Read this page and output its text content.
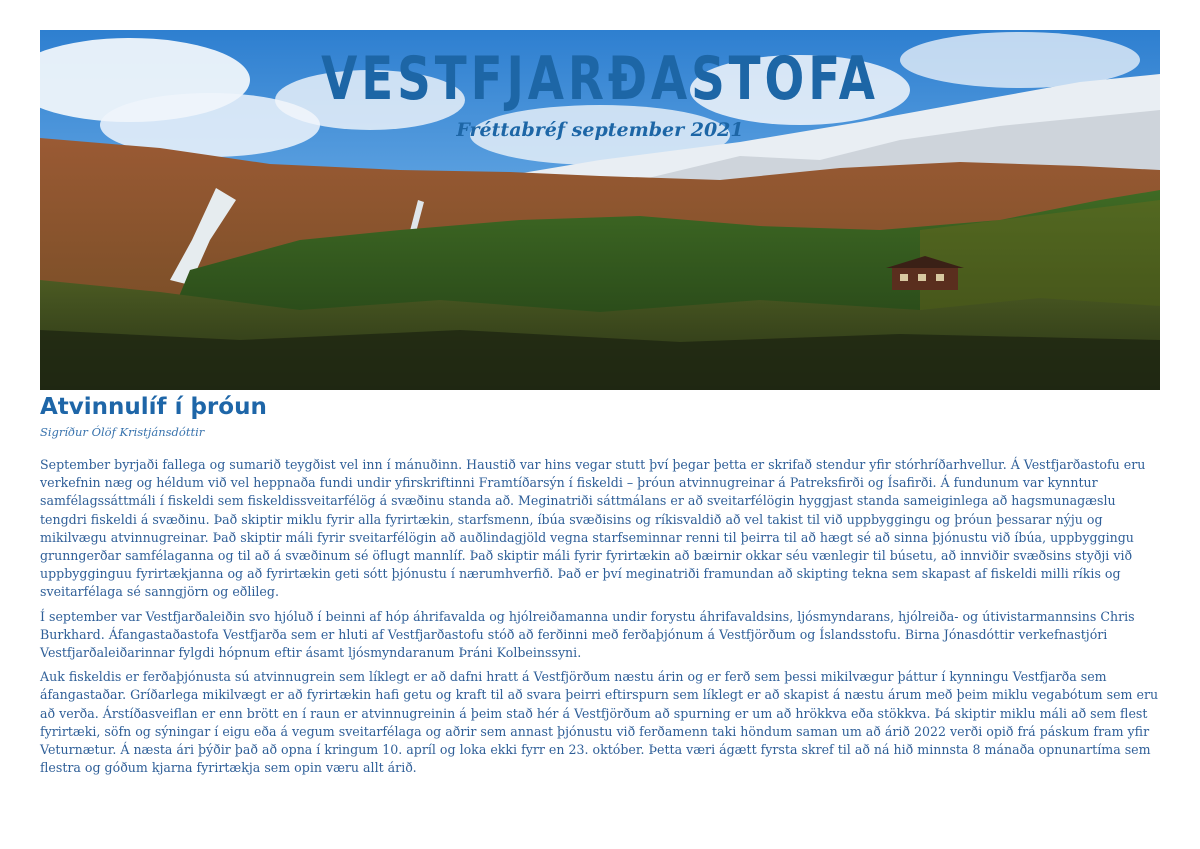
VESTFJARÐASTOFA
Fréttabréf september 2021
Atvinnulíf í þróun
Sigríður Ólöf Kristjánsdóttir

September byrjaði fallega og sumarið teygðist vel inn í mánuðinn. Haustið var hins vegar stutt því þegar þetta er skrifað stendur yfir stórhríðarhvellur. Á Vestfjarðastofu eru verkefnin næg og héldum við vel heppnaða fundi undir yfirskriftinni Framtíðarsýn í fiskeldi – þróun atvinnugreinar á Patreksfirði og Ísafirði. Á fundunum var kynntur samfélagssáttmáli í fiskeldi sem fiskeldissveitarfélög á svæðinu standa að. Meginatriði sáttmálans er að sveitarfélögin hyggjast standa sameiginlega að hagsmunagæslu tengdri fiskeldi á svæðinu. Það skiptir miklu fyrir alla fyrirtækin, starfsmenn, íbúa svæðisins og ríkisvaldið að vel takist til við uppbyggingu og þróun þessarar nýju og mikilvægu atvinnugreinar. Það skiptir máli fyrir sveitarfélögin að auðlindagjöld vegna starfseminnar renni til þeirra til að hægt sé að sinna þjónustu við íbúa, uppbyggingu grunngerðar samfélaganna og til að á svæðinum sé öflugt mannlíf. Það skiptir máli fyrir fyrirtækin að bæirnir okkar séu vænlegir til búsetu, að innviðir svæðsins styðji við uppbygginguu fyrirtækjanna og að fyrirtækin geti sótt þjónustu í nærumhverfið. Það er því meginatriði framundan að skipting tekna sem skapast af fiskeldi milli ríkis og sveitarfélaga sé sanngjörn og eðlileg.

Í september var Vestfjarðaleiðin svo hjóluð í beinni af hóp áhrifavalda og hjólreiðamanna undir forystu áhrifavaldsins, ljósmyndarans, hjólreiða- og útivistarmannsins Chris Burkhard. Áfangastaðastofa Vestfjarða sem er hluti af Vestfjarðastofu stóð að ferðinni með ferðaþjónum á Vestfjörðum og Íslandsstofu. Birna Jónasdóttir verkefnastjóri Vestfjarðaleiðarinnar fylgdi hópnum eftir ásamt ljósmyndaranum Þráni Kolbeinssyni.

Auk fiskeldis er ferðaþjónusta sú atvinnugrein sem líklegt er að dafni hratt á Vestfjörðum næstu árin og er ferð sem þessi mikilvægur þáttur í kynningu Vestfjarða sem áfangastaðar. Gríðarlega mikilvægt er að fyrirtækin hafi getu og kraft til að svara þeirri eftirspurn sem líklegt er að skapist á næstu árum með þeim miklu vegabótum sem eru að verða. Árstíðasveiflan er enn brött en í raun er atvinnugreinin á þeim stað hér á Vestfjörðum að spurning er um að hrökkva eða stökkva. Þá skiptir miklu máli að sem flest fyrirtæki, söfn og sýningar í eigu eða á vegum sveitarfélaga og aðrir sem annast þjónustu við ferðamenn taki höndum saman um að árið 2022 verði opið frá páskum fram yfir Veturnætur. Á næsta ári þýðir það að opna í kringum 10. apríl og loka ekki fyrr en 23. október. Þetta væri ágætt fyrsta skref til að ná hið minnsta 8 mánaða opnunartíma sem flestra og góðum kjarna fyrirtækja sem opin væru allt árið.
